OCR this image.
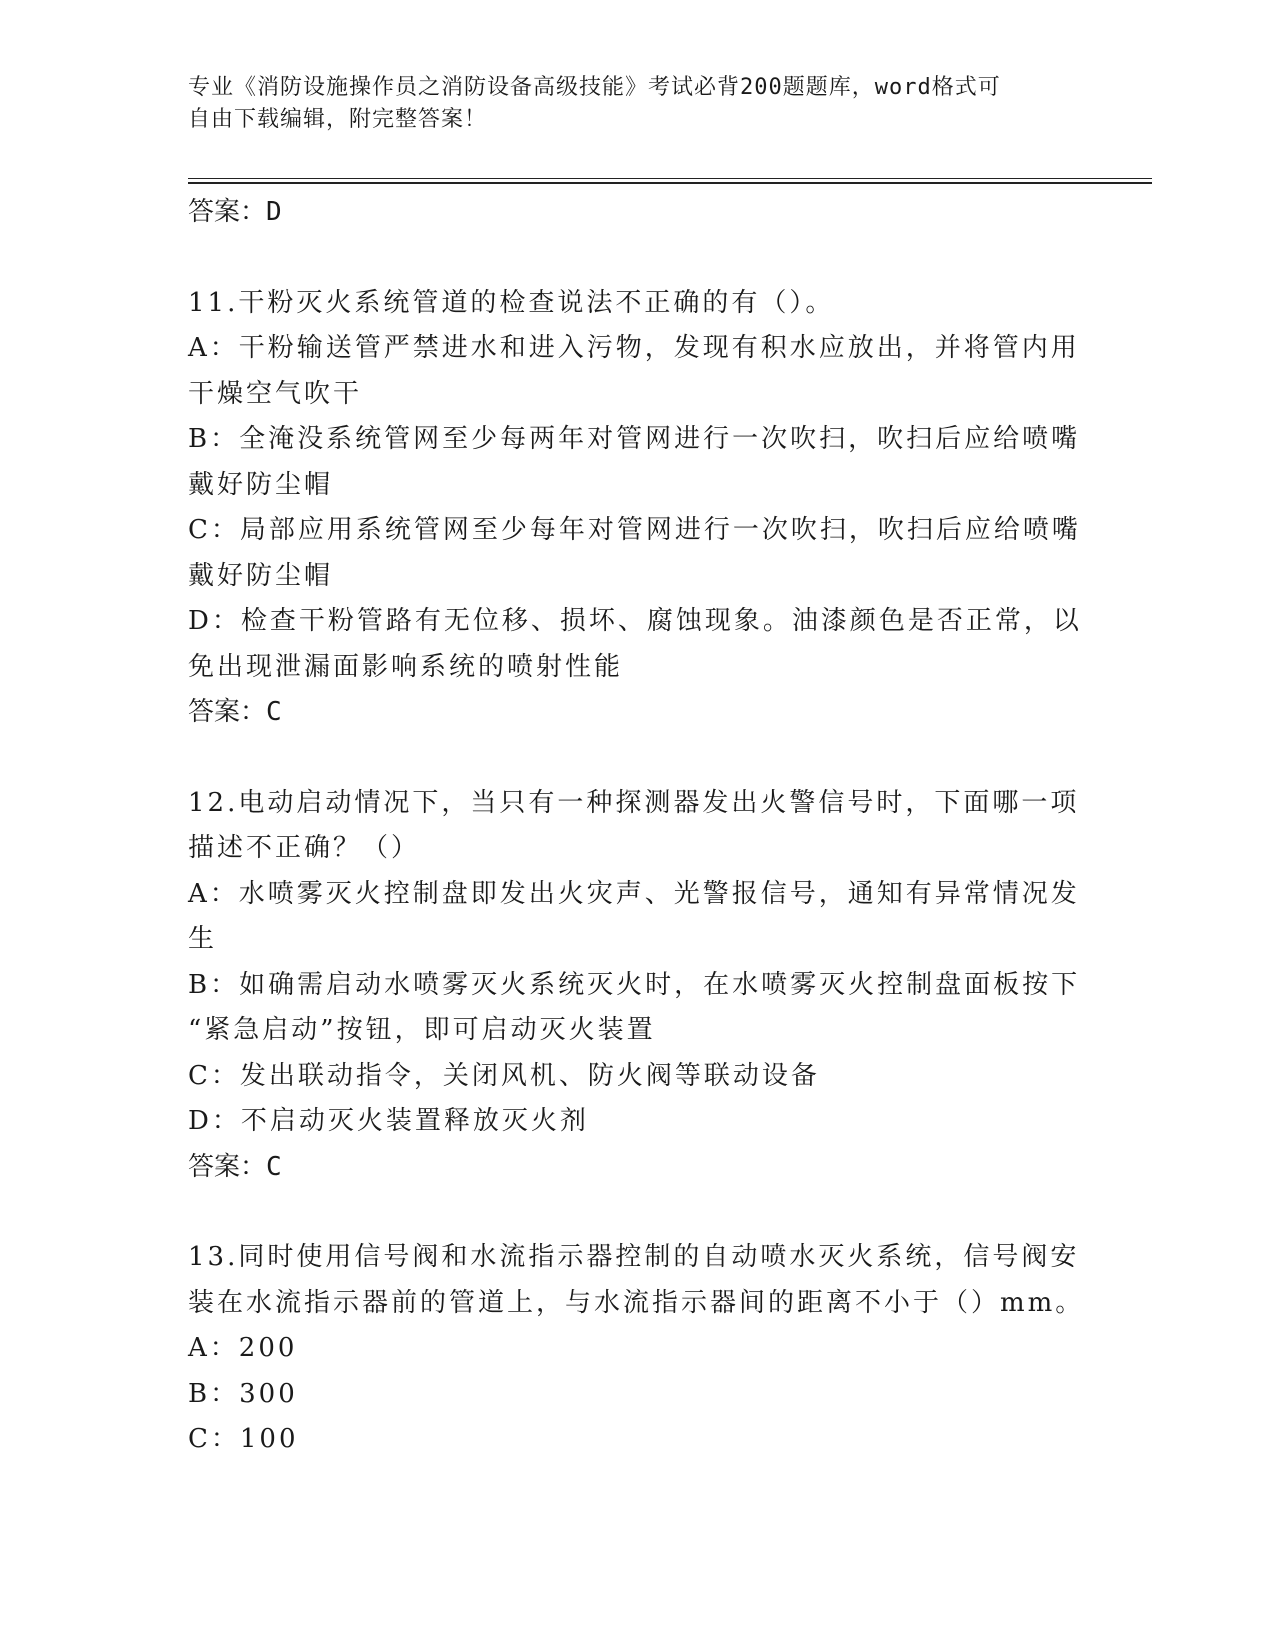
专业《消防设施操作员之消防设备高级技能》考试必背200题题库，word格式可
自由下载编辑，附完整答案！

答案：D

11.干粉灭火系统管道的检查说法不正确的有（）。

A：干粉输送管严禁进水和进入污物，发现有积水应放出，并将管内用

干燥空气吹干

B：全淹没系统管网至少每两年对管网进行一次吹扫，吹扫后应给喷嘴

戴好防尘帽

C：局部应用系统管网至少每年对管网进行一次吹扫，吹扫后应给喷嘴

戴好防尘帽

D：检查干粉管路有无位移、损坏、腐蚀现象。油漆颜色是否正常，以

免出现泄漏面影响系统的喷射性能

答案：C

12.电动启动情况下，当只有一种探测器发出火警信号时，下面哪一项

描述不正确？（）

A：水喷雾灭火控制盘即发出火灾声、光警报信号，通知有异常情况发

生

B：如确需启动水喷雾灭火系统灭火时，在水喷雾灭火控制盘面板按下

“紧急启动”按钮，即可启动灭火装置

C：发出联动指令，关闭风机、防火阀等联动设备

D：不启动灭火装置释放灭火剂

答案：C

13.同时使用信号阀和水流指示器控制的自动喷水灭火系统，信号阀安

装在水流指示器前的管道上，与水流指示器间的距离不小于（）mm。

A：200

B：300

C：100
